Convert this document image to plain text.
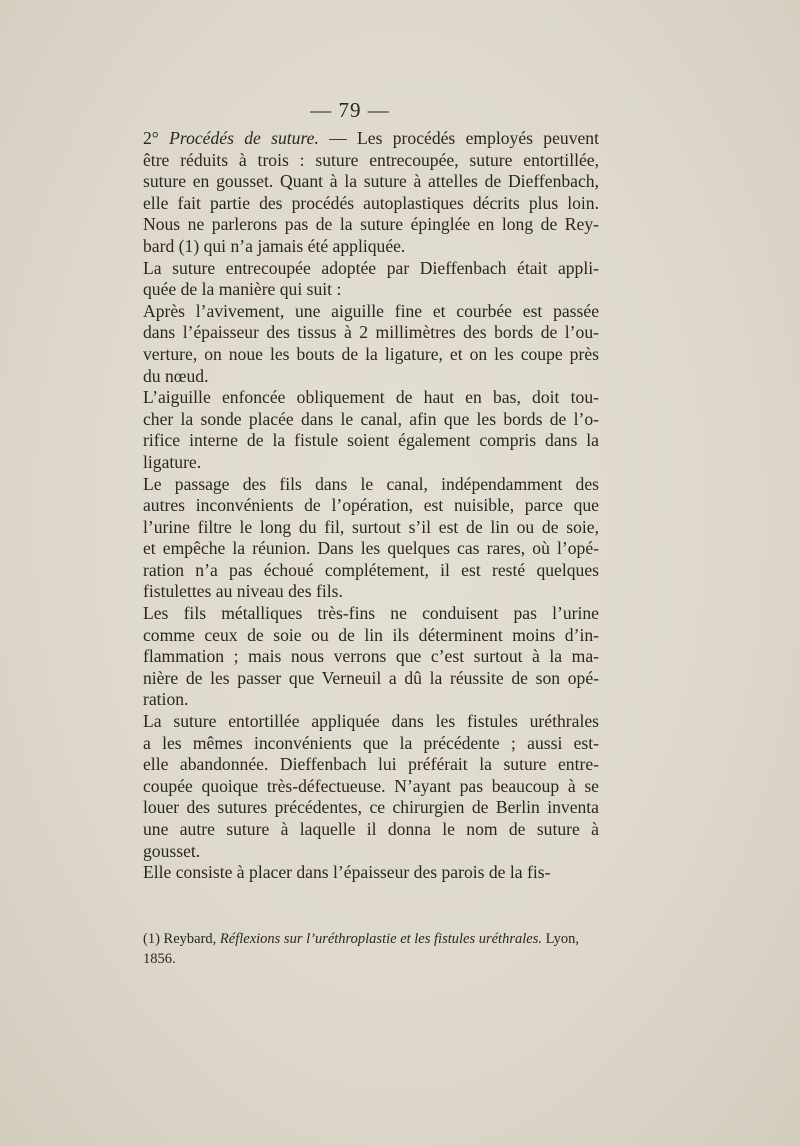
— 79 —

2° Procédés de suture. — Les procédés employés peuvent
être réduits à trois : suture entrecoupée, suture entortillée,
suture en gousset. Quant à la suture à attelles de Dieffenbach,
elle fait partie des procédés autoplastiques décrits plus loin.
Nous ne parlerons pas de la suture épinglée en long de Rey-
bard (1) qui n’a jamais été appliquée.

La suture entrecoupée adoptée par Dieffenbach était appli-
quée de la manière qui suit :

Après l’avivement, une aiguille fine et courbée est passée
dans l’épaisseur des tissus à 2 millimètres des bords de l’ou-
verture, on noue les bouts de la ligature, et on les coupe près
du nœud.

L’aiguille enfoncée obliquement de haut en bas, doit tou-
cher la sonde placée dans le canal, afin que les bords de l’o-
rifice interne de la fistule soient également compris dans la
ligature.

Le passage des fils dans le canal, indépendamment des
autres inconvénients de l’opération, est nuisible, parce que
l’urine filtre le long du fil, surtout s’il est de lin ou de soie,
et empêche la réunion. Dans les quelques cas rares, où l’opé-
ration n’a pas échoué complétement, il est resté quelques
fistulettes au niveau des fils.

Les fils métalliques très-fins ne conduisent pas l’urine
comme ceux de soie ou de lin ils déterminent moins d’in-
flammation ; mais nous verrons que c’est surtout à la ma-
nière de les passer que Verneuil a dû la réussite de son opé-
ration.

La suture entortillée appliquée dans les fistules uréthrales
a les mêmes inconvénients que la précédente ; aussi est-
elle abandonnée. Dieffenbach lui préférait la suture entre-
coupée quoique très-défectueuse. N’ayant pas beaucoup à se
louer des sutures précédentes, ce chirurgien de Berlin inventa
une autre suture à laquelle il donna le nom de suture à
gousset.

Elle consiste à placer dans l’épaisseur des parois de la fis-

(1) Reybard, Réflexions sur l’uréthroplastie et les fistules uréthrales. Lyon,
1856.
